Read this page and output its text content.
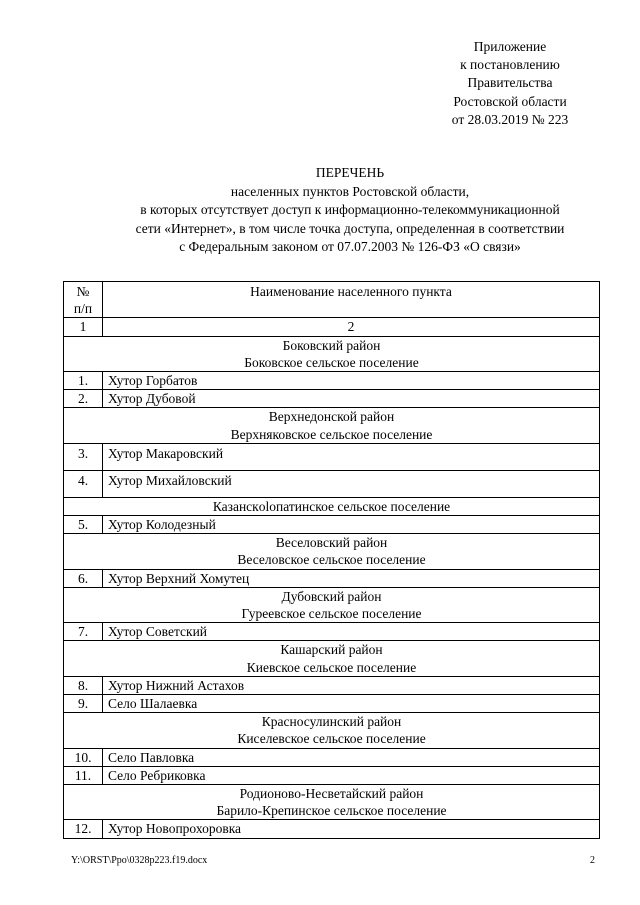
Приложение
к постановлению
Правительства
Ростовской области
от 28.03.2019 № 223
ПЕРЕЧЕНЬ
населенных пунктов Ростовской области,
в которых отсутствует доступ к информационно-телекоммуникационной
сети «Интернет», в том числе точка доступа, определенная в соответствии
с Федеральным законом от 07.07.2003 № 126-ФЗ «О связи»
№
п/п	Наименование населенного пункта
1	2

Боковский район
Боковское сельское поселение	

1.	Хутор Горбатов
2.	Хутор Дубовой

Верхнедонской район
Верхняковское сельское поселение	

3.	Хутор Макаровский
4.	Хутор Михайловский

Казанскolопатинское сельское поселение	

5.	Хутор Колодезный

Веселовский район
Веселовское сельское поселение	

6.	Хутор Верхний Хомутец

Дубовский район
Гуреевское сельское поселение	

7.	Хутор Советский

Кашарский район
Киевское сельское поселение	

8.	Хутор Нижний Астахов
9.	Село Шалаевка

Красносулинский район
Киселевское сельское поселение	

10.	Село Павловка
11.	Село Ребриковка

Родионово-Несветайский район
Барило-Крепинское сельское поселение	

12.	Хутор Новопрохоровка
Y:\ORST\Ppo\0328p223.f19.docx	2
